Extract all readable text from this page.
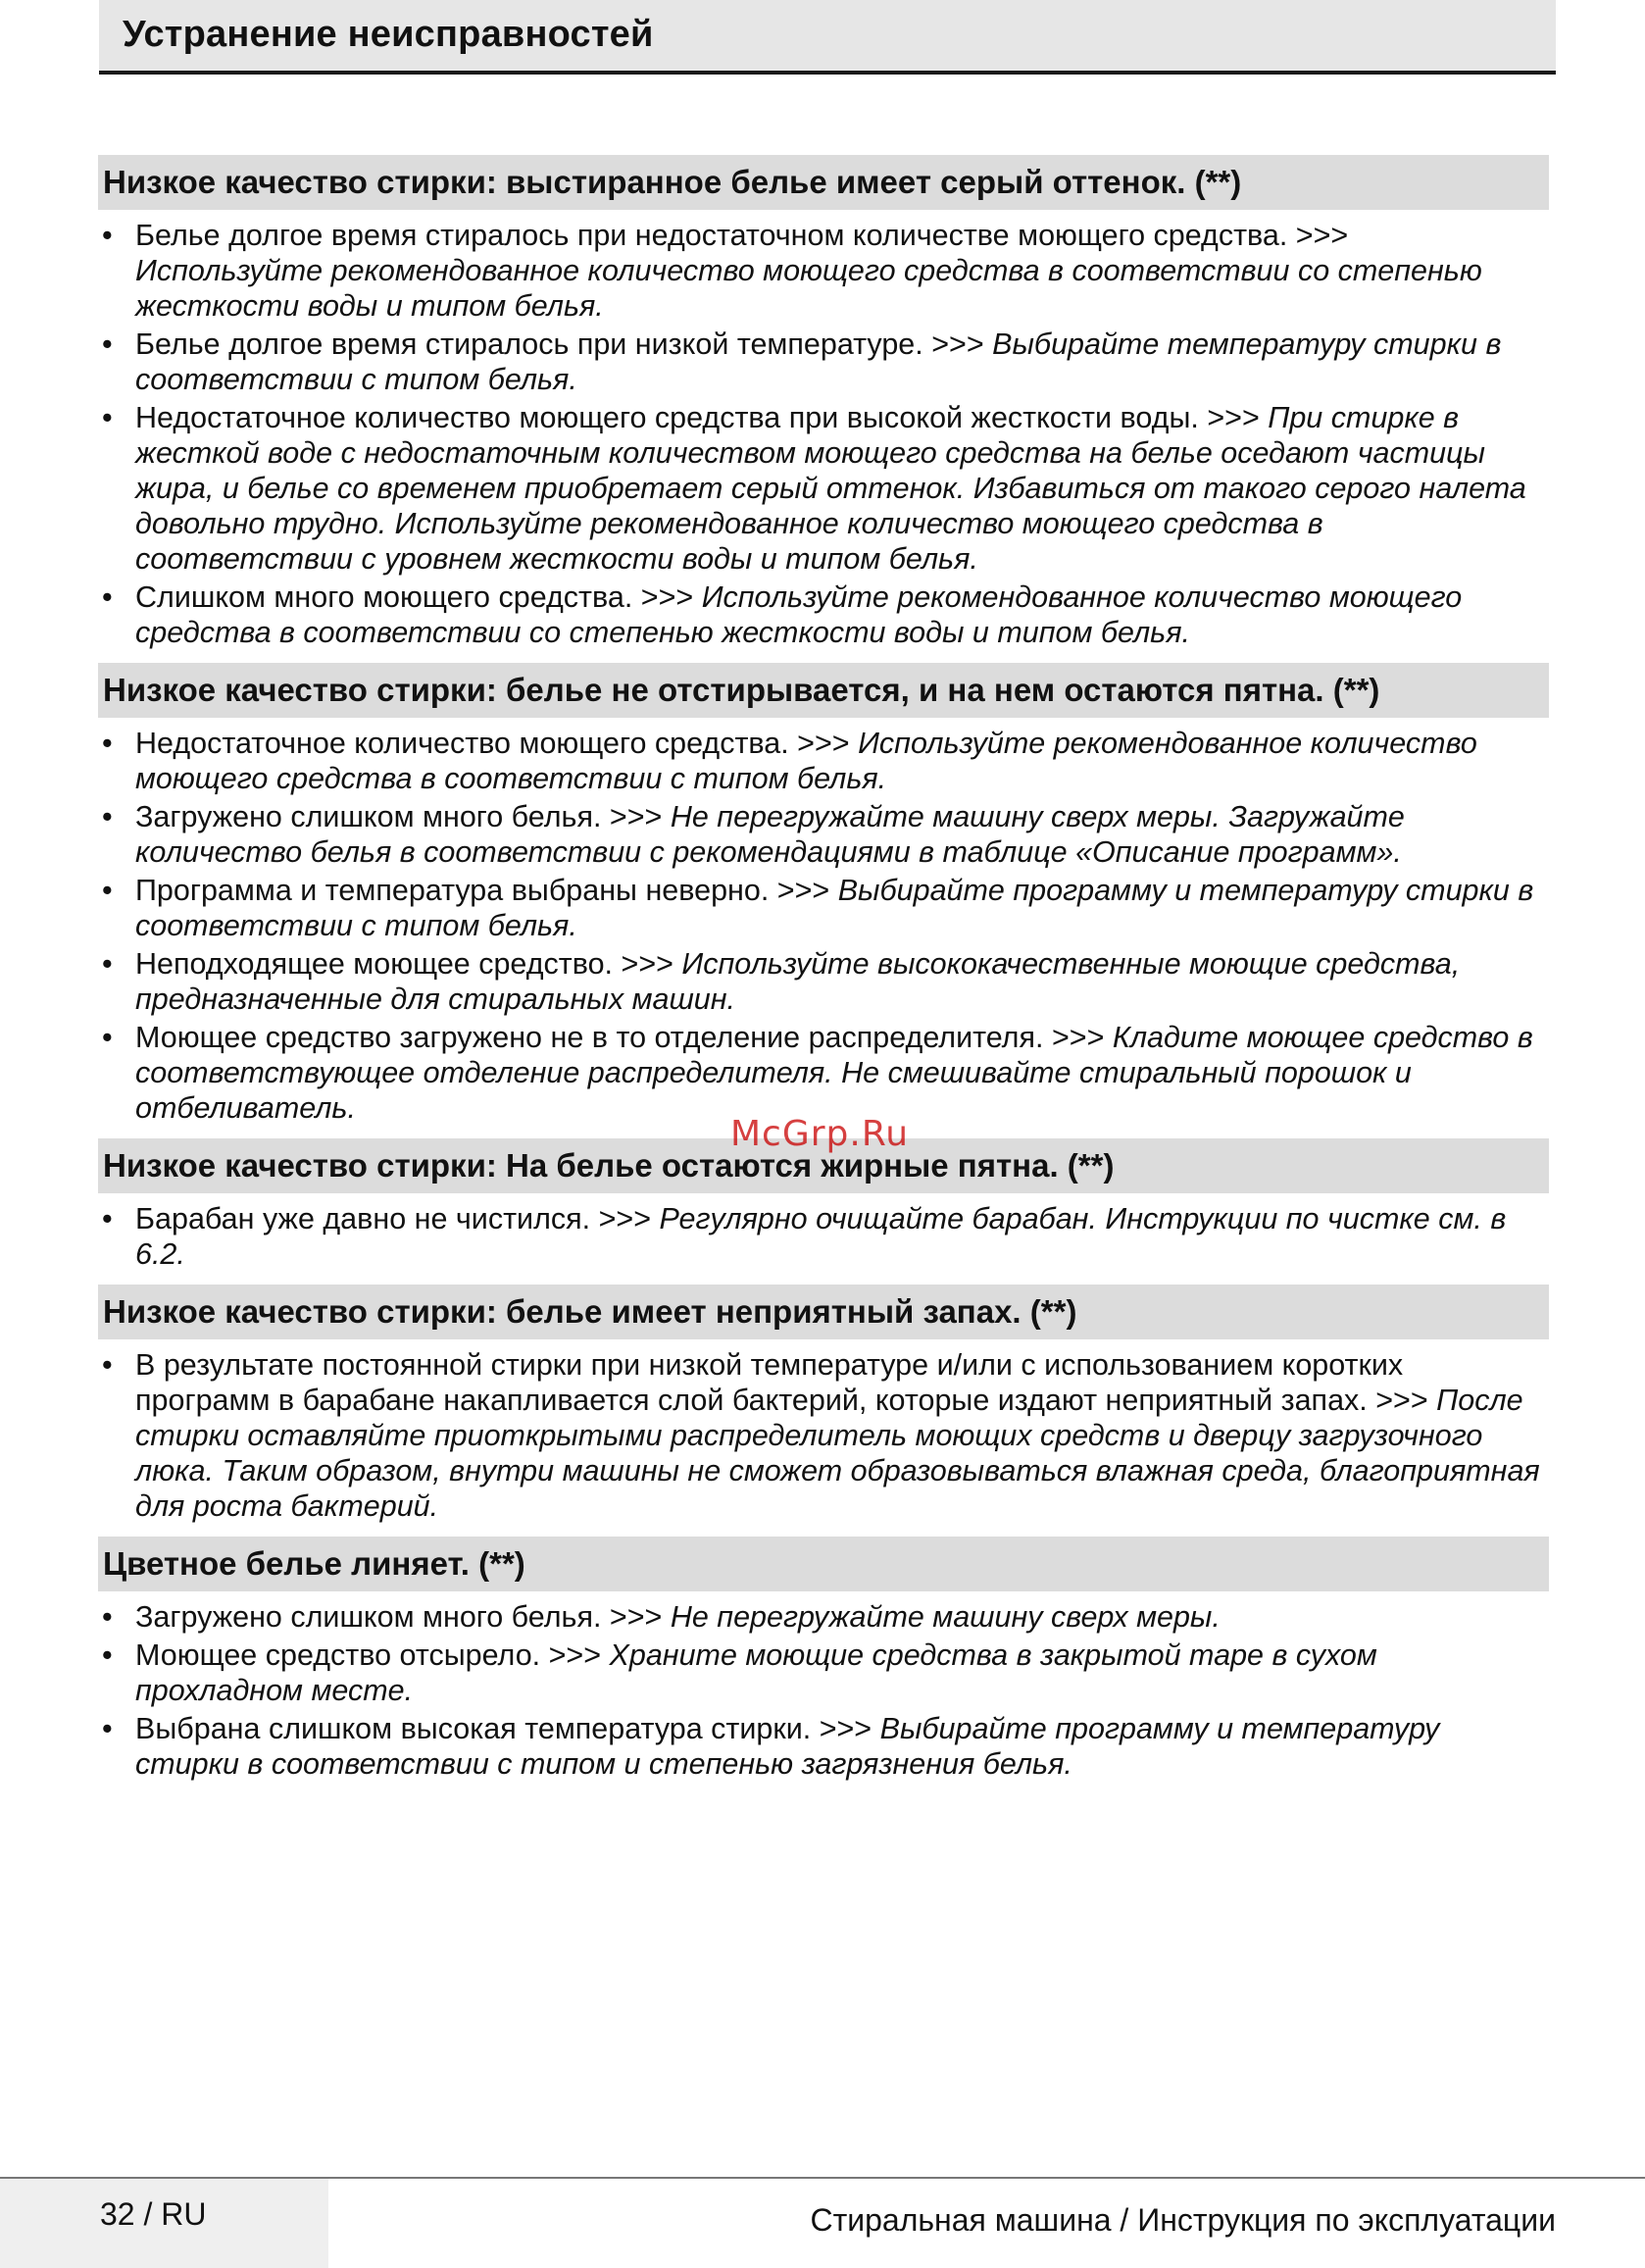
Устранение неисправностей
Низкое качество стирки: выстиранное белье имеет серый оттенок. (**)
• Белье долгое время стиралось при недостаточном количестве моющего средства. >>> Используйте рекомендованное количество моющего средства в соответствии со степенью жесткости воды и типом белья.
• Белье долгое время стиралось при низкой температуре. >>> Выбирайте температуру стирки в соответствии с типом белья.
• Недостаточное количество моющего средства при высокой жесткости воды. >>> При стирке в жесткой воде с недостаточным количеством моющего средства на белье оседают частицы жира, и белье со временем приобретает серый оттенок. Избавиться от такого серого налета довольно трудно. Используйте рекомендованное количество моющего средства в соответствии с уровнем жесткости воды и типом белья.
• Слишком много моющего средства. >>> Используйте рекомендованное количество моющего средства в соответствии со степенью жесткости воды и типом белья.
Низкое качество стирки: белье не отстирывается, и на нем остаются пятна. (**)
• Недостаточное количество моющего средства. >>> Используйте рекомендованное количество моющего средства в соответствии с типом белья.
• Загружено слишком много белья. >>> Не перегружайте машину сверх меры. Загружайте количество белья в соответствии с рекомендациями в таблице «Описание программ».
• Программа и температура выбраны неверно. >>> Выбирайте программу и температуру стирки в соответствии с типом белья.
• Неподходящее моющее средство. >>> Используйте высококачественные моющие средства, предназначенные для стиральных машин.
• Моющее средство загружено не в то отделение распределителя. >>> Кладите моющее средство в соответствующее отделение распределителя. Не смешивайте стиральный порошок и отбеливатель.
Низкое качество стирки: На белье остаются жирные пятна. (**)
• Барабан уже давно не чистился. >>> Регулярно очищайте барабан. Инструкции по чистке см. в 6.2.
Низкое качество стирки: белье имеет неприятный запах. (**)
• В результате постоянной стирки при низкой температуре и/или с использованием коротких программ в барабане накапливается слой бактерий, которые издают неприятный запах. >>> После стирки оставляйте приоткрытыми распределитель моющих средств и дверцу загрузочного люка. Таким образом, внутри машины не сможет образовываться влажная среда, благоприятная для роста бактерий.
Цветное белье линяет. (**)
• Загружено слишком много белья. >>> Не перегружайте машину сверх меры.
• Моющее средство отсырело. >>> Храните моющие средства в закрытой таре в сухом прохладном месте.
• Выбрана слишком высокая температура стирки. >>> Выбирайте программу и температуру стирки в соответствии с типом и степенью загрязнения белья.
McGrp.Ru
32 / RU	Стиральная машина / Инструкция по эксплуатации
